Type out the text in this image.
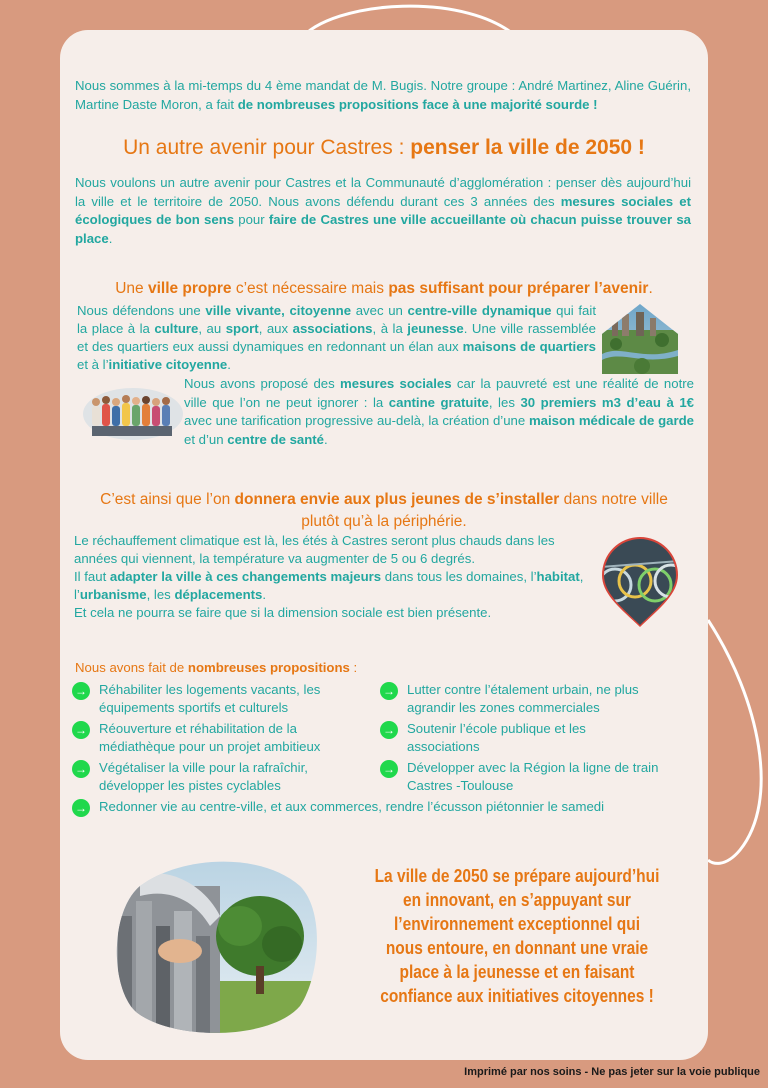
Nous sommes à la mi-temps du 4 ème mandat de M. Bugis. Notre groupe : André Martinez, Aline Guérin, Martine Daste Moron, a fait de nombreuses propositions face à une majorité sourde !
Un autre avenir pour Castres : penser la ville de 2050 !
Nous voulons un autre avenir pour Castres et la Communauté d’agglomération : penser dès aujourd’hui la ville et le territoire de 2050. Nous avons défendu durant ces 3 années des mesures sociales et écologiques de bon sens pour faire de Castres une ville accueillante où chacun puisse trouver sa place.
Une ville propre c’est nécessaire mais pas suffisant pour préparer l’avenir.
Nous défendons une ville vivante, citoyenne avec un centre-ville dynamique qui fait la place à la culture, au sport, aux associations, à la jeunesse. Une ville rassemblée et des quartiers eux aussi dynamiques en redonnant un élan aux maisons de quartiers et à l’initiative citoyenne.
Nous avons proposé des mesures sociales car la pauvreté est une réalité de notre ville que l’on ne peut ignorer : la cantine gratuite, les 30 premiers m3 d’eau à 1€ avec une tarification progressive au-delà, la création d’une maison médicale de garde et d’un centre de santé.
C’est ainsi que l’on donnera envie aux plus jeunes de s’installer dans notre ville plutôt qu’à la périphérie.
Le réchauffement climatique est là, les étés à Castres seront plus chauds dans les années qui viennent, la température va augmenter de 5 ou 6 degrés.
Il faut adapter la ville à ces changements majeurs dans tous les domaines, l’habitat, l’urbanisme, les déplacements.
Et cela ne pourra se faire que si la dimension sociale est bien présente.
Nous avons fait de nombreuses propositions :
→ Réhabiliter les logements vacants, les
équipements sportifs et culturels
→ Lutter contre l’étalement urbain, ne plus
agrandir les zones commerciales
→ Réouverture et réhabilitation de la
médiathèque pour un projet ambitieux
→ Soutenir l’école publique et les
associations
→ Végétaliser la ville pour la rafraîchir,
développer les pistes cyclables
→ Développer avec la Région la ligne de train
Castres -Toulouse
→ Redonner vie au centre-ville, et aux commerces, rendre l’écusson piétonnier le samedi
La ville de 2050 se prépare aujourd’hui en innovant, en s’appuyant sur l’environnement exceptionnel qui nous entoure, en donnant une vraie place à la jeunesse et en faisant confiance aux initiatives citoyennes !
Imprimé par nos soins - Ne pas jeter sur la voie publique
